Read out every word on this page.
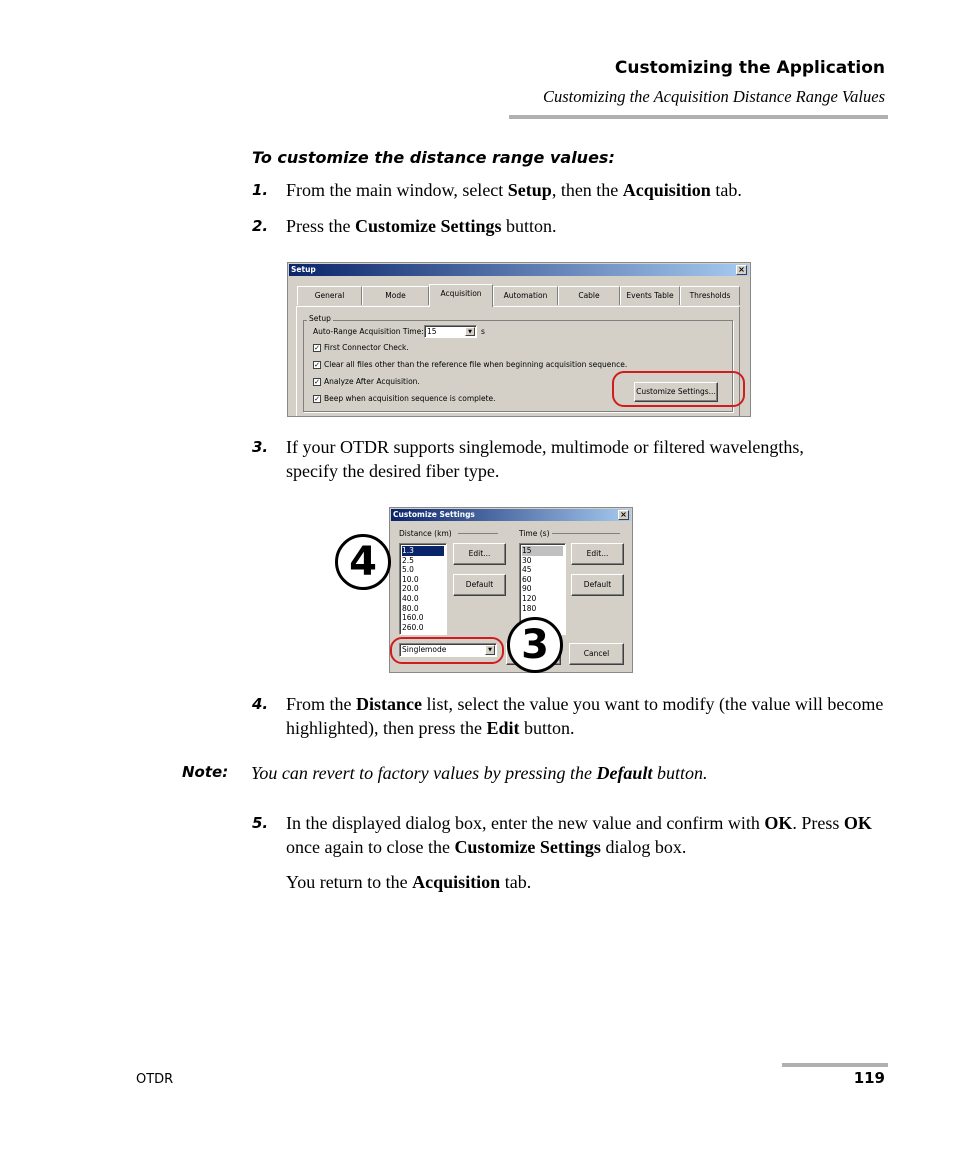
Customizing the Application
Customizing the Acquisition Distance Range Values
To customize the distance range values:
1. From the main window, select Setup, then the Acquisition tab.
2. Press the Customize Settings button.
Setup	×
General	Mode	Acquisition	Automation	Cable	Events Table	Thresholds
Setup
Auto-Range Acquisition Time: 15	▼	s
✓ First Connector Check.
✓ Clear all files other than the reference file when beginning acquisition sequence.
✓ Analyze After Acquisition.
✓ Beep when acquisition sequence is complete.
Customize Settings...
3. If your OTDR supports singlemode, multimode or filtered wavelengths,
specify the desired fiber type.
Customize Settings	×
Distance (km)	Time (s)
1.3
2.5
5.0
10.0
20.0
40.0
80.0
160.0
260.0
Edit...
Default
15
30
45
60
90
120
180
Edit...
Default
Singlemode	▼	Cancel
4
3
4. From the Distance list, select the value you want to modify (the value will become highlighted), then press the Edit button.
Note: You can revert to factory values by pressing the Default button.
5. In the displayed dialog box, enter the new value and confirm with OK. Press OK once again to close the Customize Settings dialog box.
You return to the Acquisition tab.
OTDR	119
